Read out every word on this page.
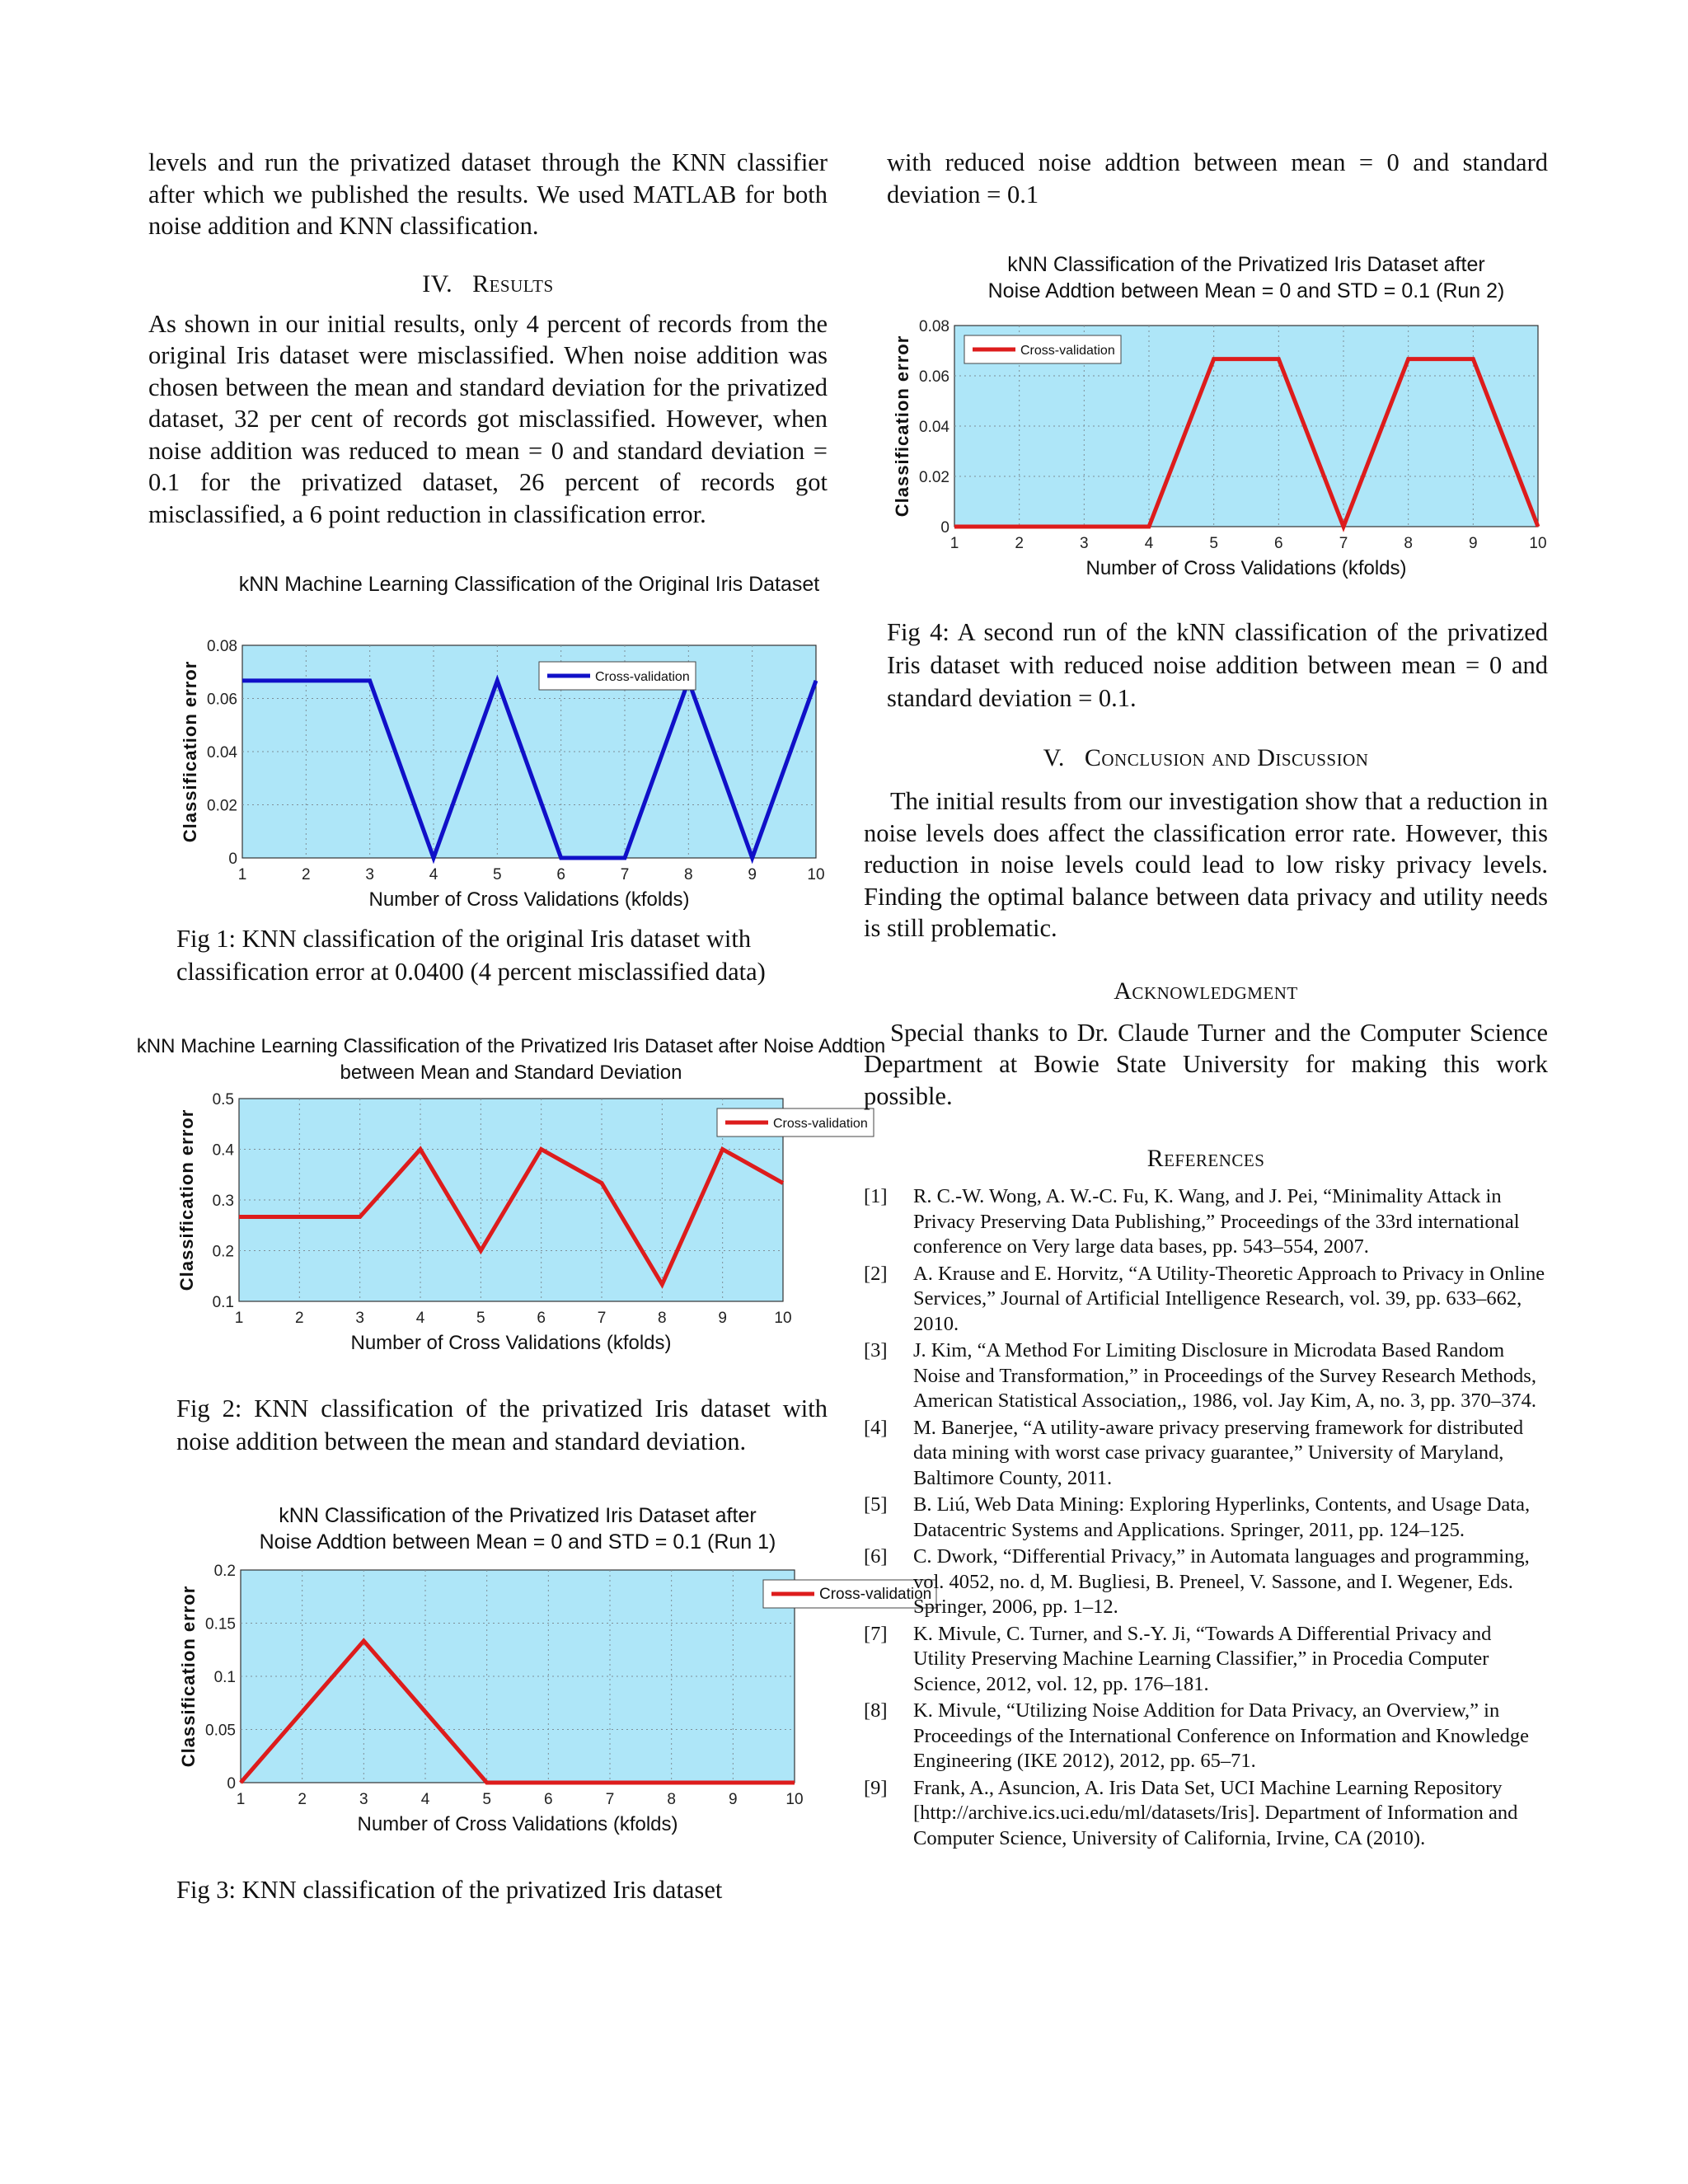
levels and run the privatized dataset through the KNN classifier after which we published the results. We used MATLAB for both noise addition and KNN classification.

IV. Results

As shown in our initial results, only 4 percent of records from the original Iris dataset were misclassified. When noise addition was chosen between the mean and standard deviation for the privatized dataset, 32 per cent of records got misclassified. However, when noise addition was reduced to mean = 0 and standard deviation = 0.1 for the privatized dataset, 26 percent of records got misclassified, a 6 point reduction in classification error.

kNN Machine Learning Classification of the Original Iris Dataset
1	2	3	4	5	6	7	8	9	10
0
0.02
0.04
0.06
0.08
Number of Cross Validations (kfolds)
Classification error	Cross-validation

Fig 1: KNN classification of the original Iris dataset with classification error at 0.0400 (4 percent misclassified data)

kNN Machine Learning Classification of the Privatized Iris Dataset after Noise Addtion
between Mean and Standard Deviation
1	2	3	4	5	6	7	8	9	10
0.1
0.2
0.3
0.4
0.5
Number of Cross Validations (kfolds)
Classification error	Cross-validation

Fig 2: KNN classification of the privatized Iris dataset with noise addition between the mean and standard deviation.

kNN Classification of the Privatized Iris Dataset after
Noise Addtion between Mean = 0 and STD = 0.1 (Run 1)
1	2	3	4	5	6	7	8	9	10
0
0.05
0.1
0.15
0.2
Number of Cross Validations (kfolds)
Classification error	Cross-validation

Fig 3: KNN classification of the privatized Iris dataset

with reduced noise addtion between mean = 0 and standard deviation = 0.1

kNN Classification of the Privatized Iris Dataset after
Noise Addtion between Mean = 0 and STD = 0.1 (Run 2)
1	2	3	4	5	6	7	8	9	10
0
0.02
0.04
0.06
0.08
Number of Cross Validations (kfolds)
Classification error	Cross-validation

Fig 4: A second run of the kNN classification of the privatized Iris dataset with reduced noise addition between mean = 0 and standard deviation = 0.1.

V. Conclusion and Discussion

The initial results from our investigation show that a reduction in noise levels does affect the classification error rate. However, this reduction in noise levels could lead to low risky privacy levels. Finding the optimal balance between data privacy and utility needs is still problematic.

Acknowledgment

Special thanks to Dr. Claude Turner and the Computer Science Department at Bowie State University for making this work possible.

References

[1]	R. C.-W. Wong, A. W.-C. Fu, K. Wang, and J. Pei, “Minimality Attack in Privacy Preserving Data Publishing,” Proceedings of the 33rd international conference on Very large data bases, pp. 543–554, 2007.
[2]	A. Krause and E. Horvitz, “A Utility-Theoretic Approach to Privacy in Online Services,” Journal of Artificial Intelligence Research, vol. 39, pp. 633–662, 2010.
[3]	J. Kim, “A Method For Limiting Disclosure in Microdata Based Random Noise and Transformation,” in Proceedings of the Survey Research Methods, American Statistical Association,, 1986, vol. Jay Kim, A, no. 3, pp. 370–374.
[4]	M. Banerjee, “A utility-aware privacy preserving framework for distributed data mining with worst case privacy guarantee,” University of Maryland, Baltimore County, 2011.
[5]	B. Liú, Web Data Mining: Exploring Hyperlinks, Contents, and Usage Data, Datacentric Systems and Applications. Springer, 2011, pp. 124–125.
[6]	C. Dwork, “Differential Privacy,” in Automata languages and programming, vol. 4052, no. d, M. Bugliesi, B. Preneel, V. Sassone, and I. Wegener, Eds. Springer, 2006, pp. 1–12.
[7]	K. Mivule, C. Turner, and S.-Y. Ji, “Towards A Differential Privacy and Utility Preserving Machine Learning Classifier,” in Procedia Computer Science, 2012, vol. 12, pp. 176–181.
[8]	K. Mivule, “Utilizing Noise Addition for Data Privacy, an Overview,” in Proceedings of the International Conference on Information and Knowledge Engineering (IKE 2012), 2012, pp. 65–71.
[9]	Frank, A., Asuncion, A. Iris Data Set, UCI Machine Learning Repository [http://archive.ics.uci.edu/ml/datasets/Iris]. Department of Information and Computer Science, University of California, Irvine, CA (2010).
